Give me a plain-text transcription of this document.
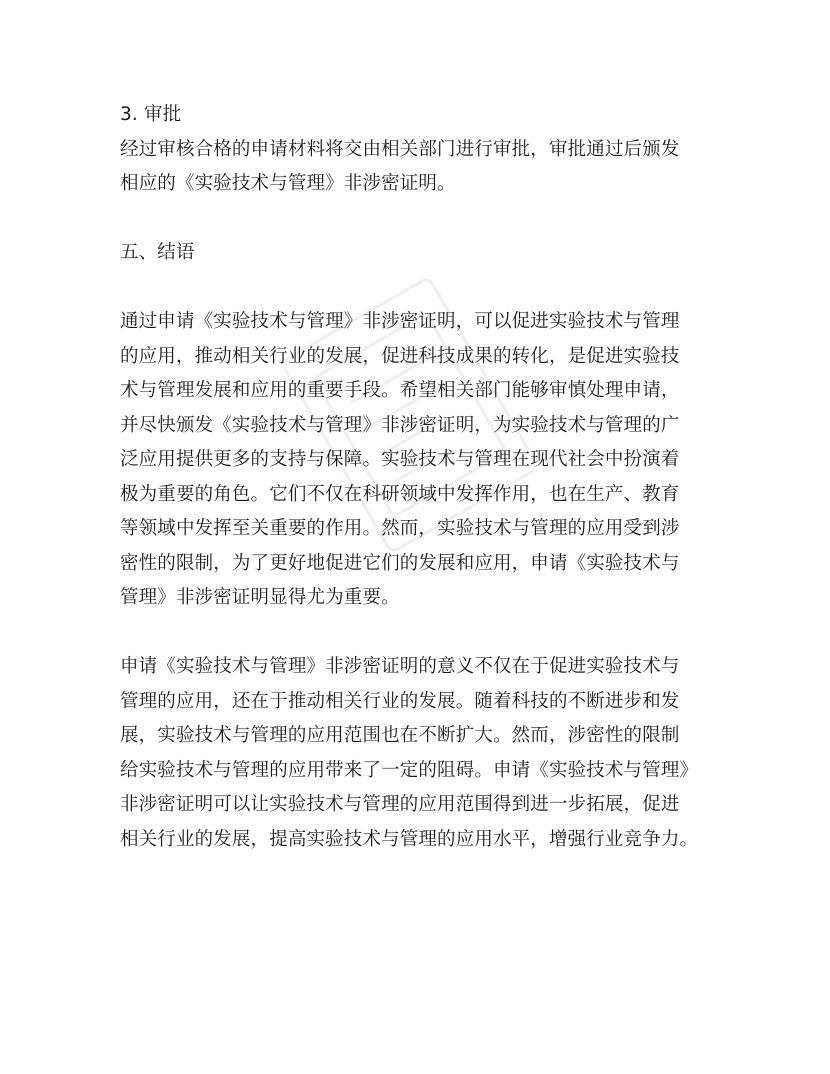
3. 审批
经过审核合格的申请材料将交由相关部门进行审批，审批通过后颁发
相应的《实验技术与管理》非涉密证明。
五、结语
通过申请《实验技术与管理》非涉密证明，可以促进实验技术与管理
的应用，推动相关行业的发展，促进科技成果的转化，是促进实验技
术与管理发展和应用的重要手段。希望相关部门能够审慎处理申请，
并尽快颁发《实验技术与管理》非涉密证明，为实验技术与管理的广
泛应用提供更多的支持与保障。实验技术与管理在现代社会中扮演着
极为重要的角色。它们不仅在科研领域中发挥作用，也在生产、教育
等领域中发挥至关重要的作用。然而，实验技术与管理的应用受到涉
密性的限制，为了更好地促进它们的发展和应用，申请《实验技术与
管理》非涉密证明显得尤为重要。
申请《实验技术与管理》非涉密证明的意义不仅在于促进实验技术与
管理的应用，还在于推动相关行业的发展。随着科技的不断进步和发
展，实验技术与管理的应用范围也在不断扩大。然而，涉密性的限制
给实验技术与管理的应用带来了一定的阻碍。申请《实验技术与管理》
非涉密证明可以让实验技术与管理的应用范围得到进一步拓展，促进
相关行业的发展，提高实验技术与管理的应用水平，增强行业竞争力。
